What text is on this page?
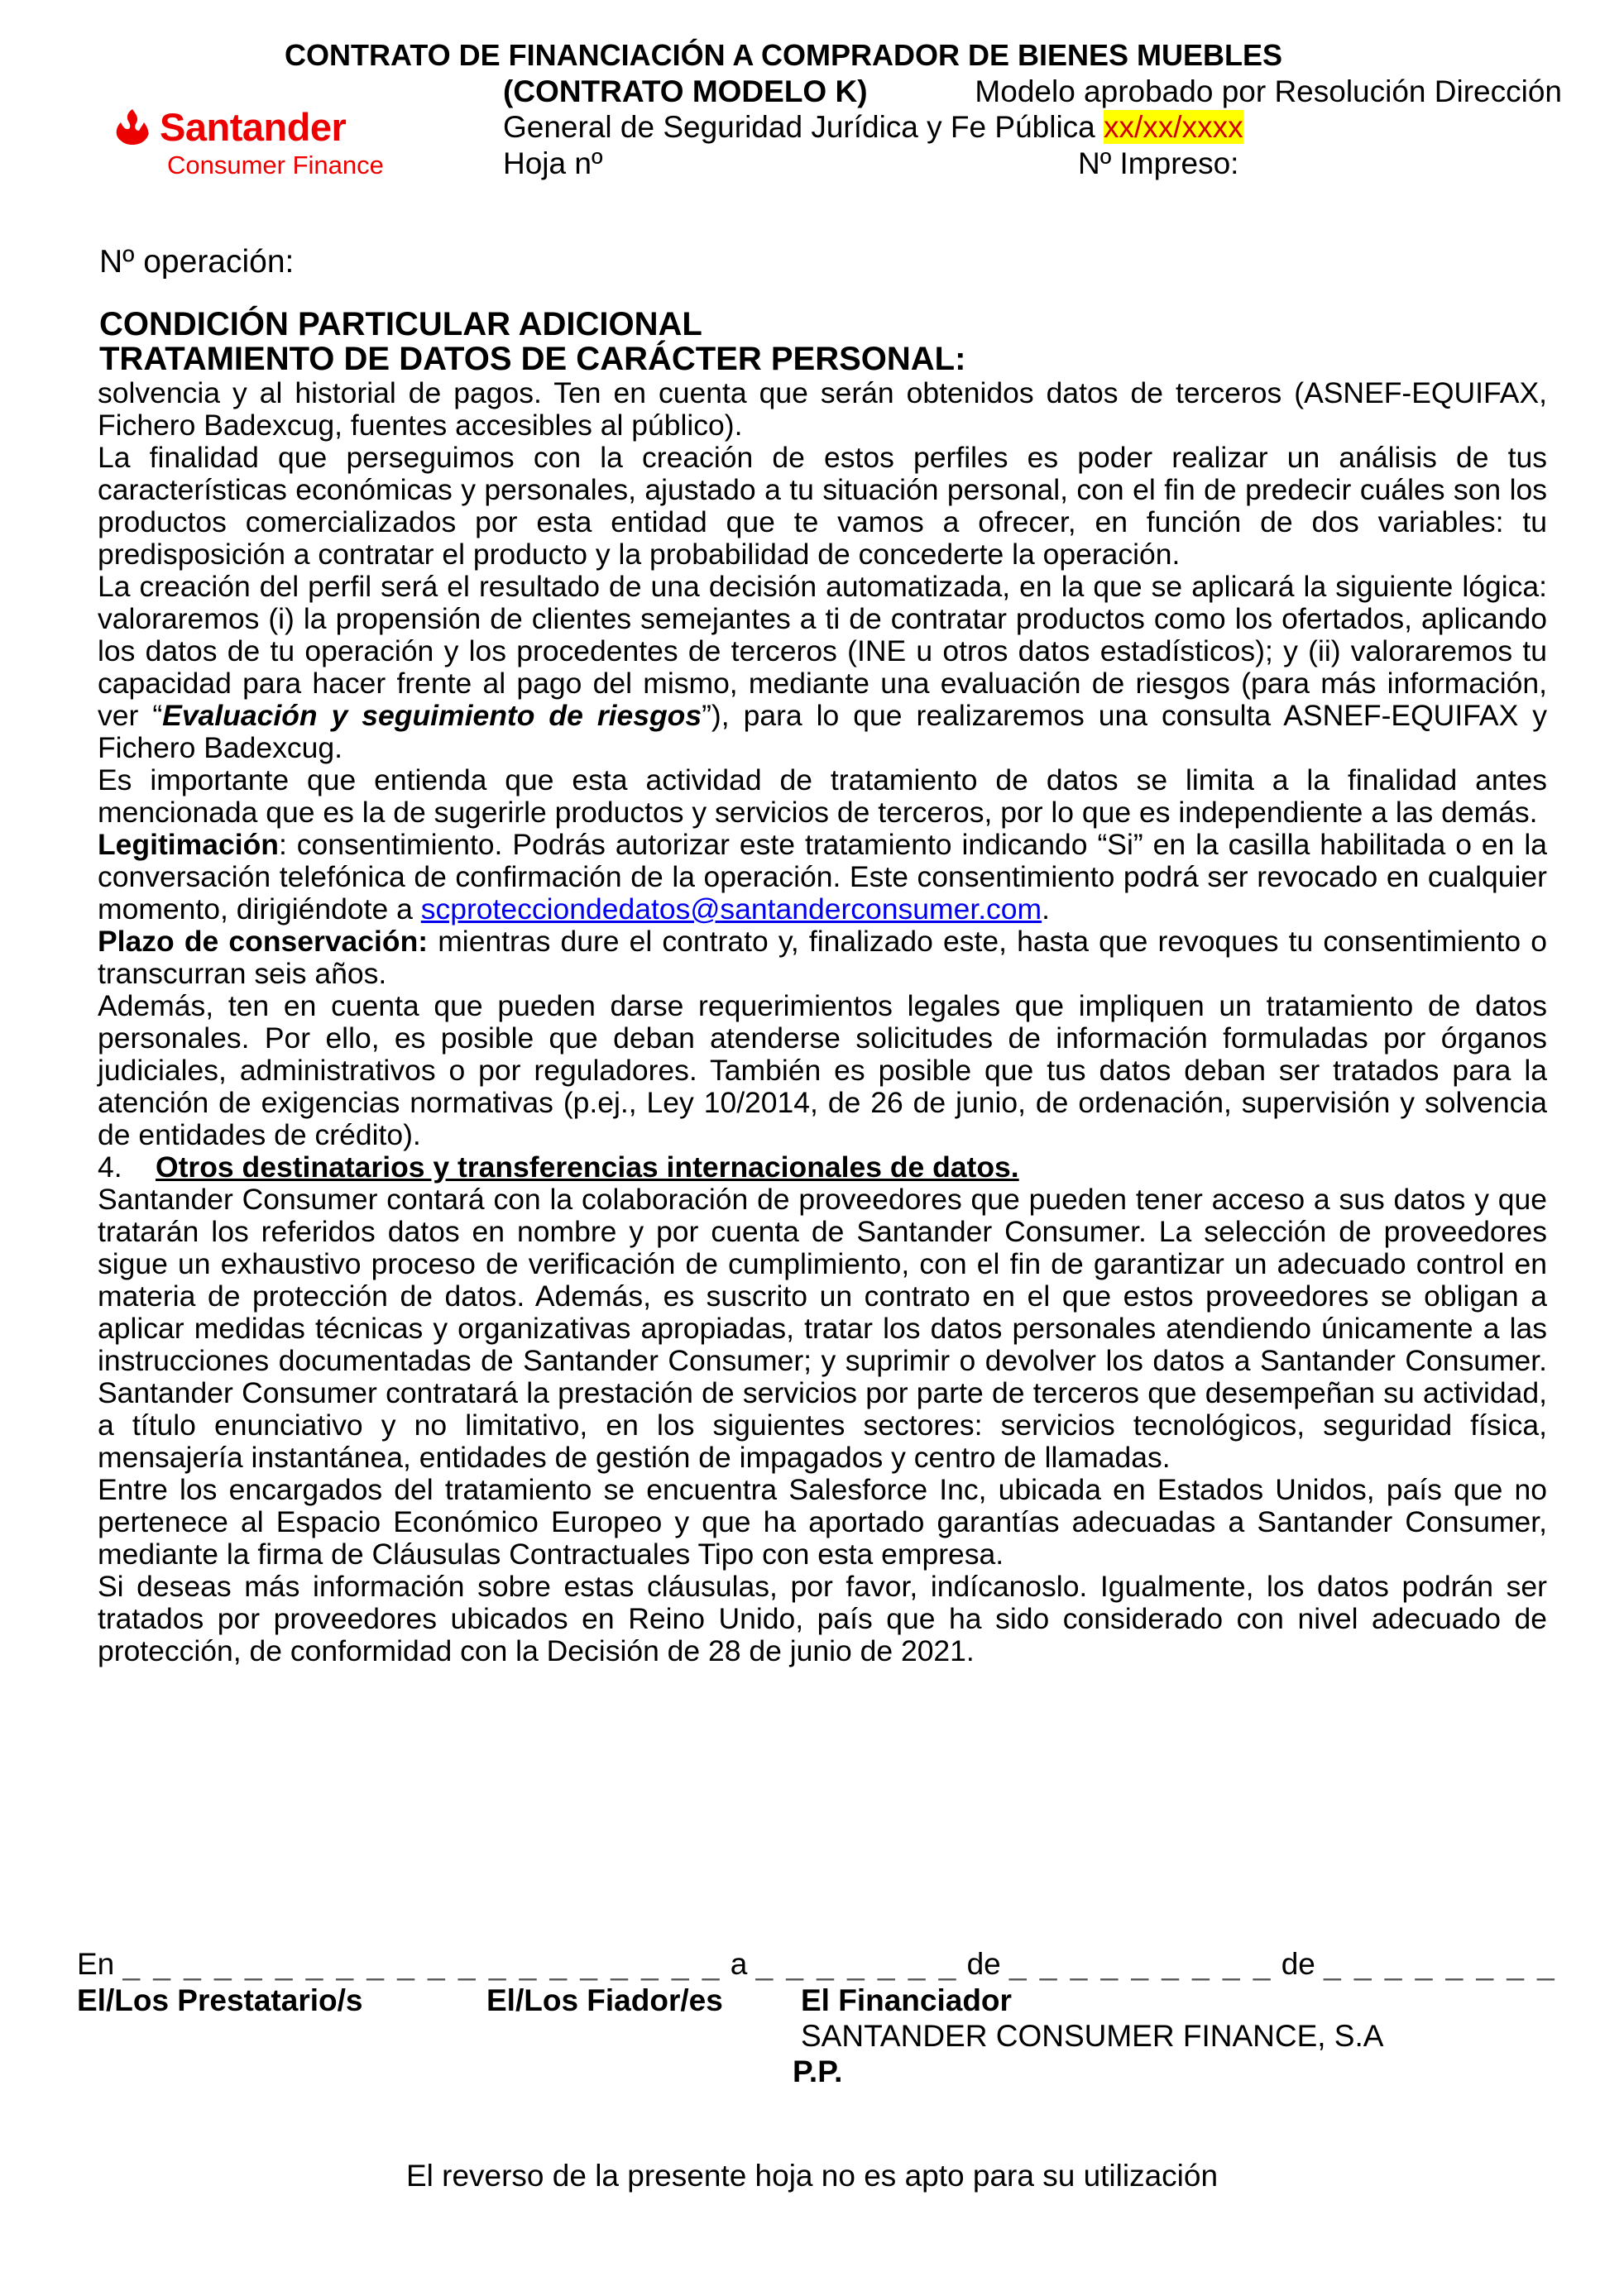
CONTRATO DE FINANCIACIÓN A COMPRADOR DE BIENES MUEBLES
(CONTRATO MODELO K)	Modelo aprobado por Resolución Dirección
General de Seguridad Jurídica y Fe Pública xx/xx/xxxx
Hoja nº	Nº Impreso:
Santander
Consumer Finance
Nº operación:
CONDICIÓN PARTICULAR ADICIONAL
TRATAMIENTO DE DATOS DE CARÁCTER PERSONAL:

solvencia y al historial de pagos. Ten en cuenta que serán obtenidos datos de terceros (ASNEF-EQUIFAX, Fichero Badexcug, fuentes accesibles al público).

La finalidad que perseguimos con la creación de estos perfiles es poder realizar un análisis de tus características económicas y personales, ajustado a tu situación personal, con el fin de predecir cuáles son los productos comercializados por esta entidad que te vamos a ofrecer, en función de dos variables: tu predisposición a contratar el producto y la probabilidad de concederte la operación.

La creación del perfil será el resultado de una decisión automatizada, en la que se aplicará la siguiente lógica: valoraremos (i) la propensión de clientes semejantes a ti de contratar productos como los ofertados, aplicando los datos de tu operación y los procedentes de terceros (INE u otros datos estadísticos); y (ii) valoraremos tu capacidad para hacer frente al pago del mismo, mediante una evaluación de riesgos (para más información, ver “Evaluación y seguimiento de riesgos”), para lo que realizaremos una consulta ASNEF-EQUIFAX y Fichero Badexcug.

Es importante que entienda que esta actividad de tratamiento de datos se limita a la finalidad antes mencionada que es la de sugerirle productos y servicios de terceros, por lo que es independiente a las demás.

Legitimación: consentimiento. Podrás autorizar este tratamiento indicando “Si” en la casilla habilitada o en la conversación telefónica de confirmación de la operación. Este consentimiento podrá ser revocado en cualquier momento, dirigiéndote a scprotecciondedatos@santanderconsumer.com.

Plazo de conservación: mientras dure el contrato y, finalizado este, hasta que revoques tu consentimiento o transcurran seis años.

Además, ten en cuenta que pueden darse requerimientos legales que impliquen un tratamiento de datos personales. Por ello, es posible que deban atenderse solicitudes de información formuladas por órganos judiciales, administrativos o por reguladores. También es posible que tus datos deban ser tratados para la atención de exigencias normativas (p.ej., Ley 10/2014, de 26 de junio, de ordenación, supervisión y solvencia de entidades de crédito).

4. Otros destinatarios y transferencias internacionales de datos.

Santander Consumer contará con la colaboración de proveedores que pueden tener acceso a sus datos y que tratarán los referidos datos en nombre y por cuenta de Santander Consumer. La selección de proveedores sigue un exhaustivo proceso de verificación de cumplimiento, con el fin de garantizar un adecuado control en materia de protección de datos. Además, es suscrito un contrato en el que estos proveedores se obligan a aplicar medidas técnicas y organizativas apropiadas, tratar los datos personales atendiendo únicamente a las instrucciones documentadas de Santander Consumer; y suprimir o devolver los datos a Santander Consumer. Santander Consumer contratará la prestación de servicios por parte de terceros que desempeñan su actividad, a título enunciativo y no limitativo, en los siguientes sectores: servicios tecnológicos, seguridad física, mensajería instantánea, entidades de gestión de impagados y centro de llamadas.

Entre los encargados del tratamiento se encuentra Salesforce Inc, ubicada en Estados Unidos, país que no pertenece al Espacio Económico Europeo y que ha aportado garantías adecuadas a Santander Consumer, mediante la firma de Cláusulas Contractuales Tipo con esta empresa.

Si deseas más información sobre estas cláusulas, por favor, indícanoslo. Igualmente, los datos podrán ser tratados por proveedores ubicados en Reino Unido, país que ha sido considerado con nivel adecuado de protección, de conformidad con la Decisión de 28 de junio de 2021.

En _ _ _ _ _ _ _ _ _ _ _ _ _ _ _ _ _ _ _ _ a _ _ _ _ _ _ _ de _ _ _ _ _ _ _ _ _ de _ _ _ _ _ _ _ _
El/Los Prestatario/s	El/Los Fiador/es	El Financiador
SANTANDER CONSUMER FINANCE, S.A
P.P.
El reverso de la presente hoja no es apto para su utilización
